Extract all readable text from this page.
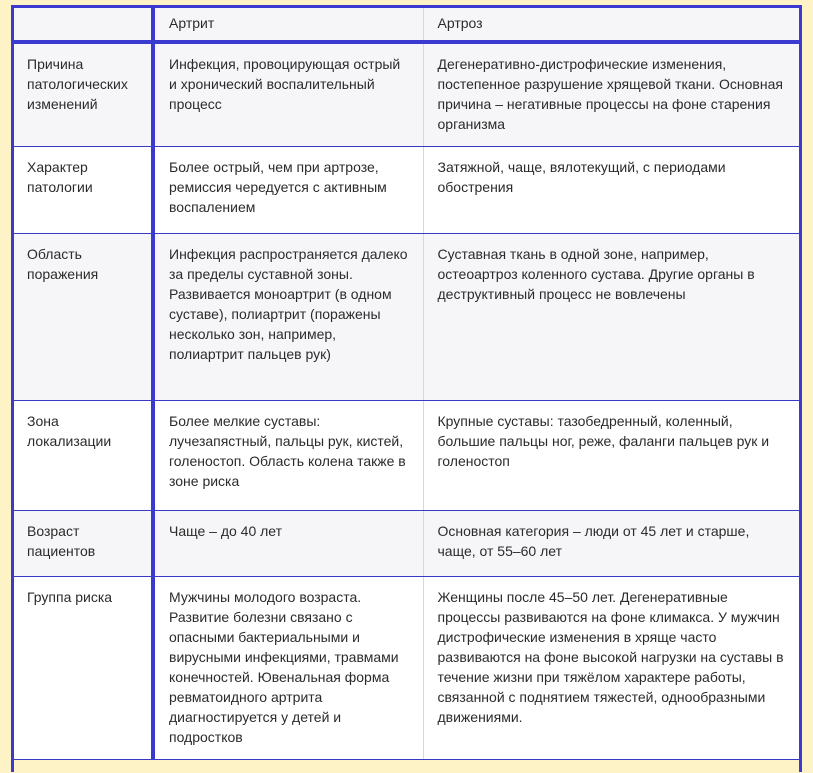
	Артрит	Артроз
Причина патологических изменений	Инфекция, провоцирующая острый и хронический воспалительный процесс	Дегенеративно-дистрофические изменения, постепенное разрушение хрящевой ткани. Основная причина – негативные процессы на фоне старения организма
Характер патологии	Более острый, чем при артрозе, ремиссия чередуется с активным воспалением	Затяжной, чаще, вялотекущий, с периодами обострения
Область поражения	Инфекция распространяется далеко за пределы суставной зоны. Развивается моноартрит (в одном суставе), полиартрит (поражены несколько зон, например, полиартрит пальцев рук)	Суставная ткань в одной зоне, например, остеоартроз коленного сустава. Другие органы в деструктивный процесс не вовлечены
Зона локализации	Более мелкие суставы: лучезапястный, пальцы рук, кистей, голеностоп. Область колена также в зоне риска	Крупные суставы: тазобедренный, коленный, большие пальцы ног, реже, фаланги пальцев рук и голеностоп
Возраст пациентов	Чаще – до 40 лет	Основная категория – люди от 45 лет и старше, чаще, от 55–60 лет
Группа риска	Мужчины молодого возраста. Развитие болезни связано с опасными бактериальными и вирусными инфекциями, травмами конечностей. Ювенальная форма ревматоидного артрита диагностируется у детей и подростков	Женщины после 45–50 лет. Дегенеративные процессы развиваются на фоне климакса. У мужчин дистрофические изменения в хряще часто развиваются на фоне высокой нагрузки на суставы в течение жизни при тяжёлом характере работы, связанной с поднятием тяжестей, однообразными движениями.
